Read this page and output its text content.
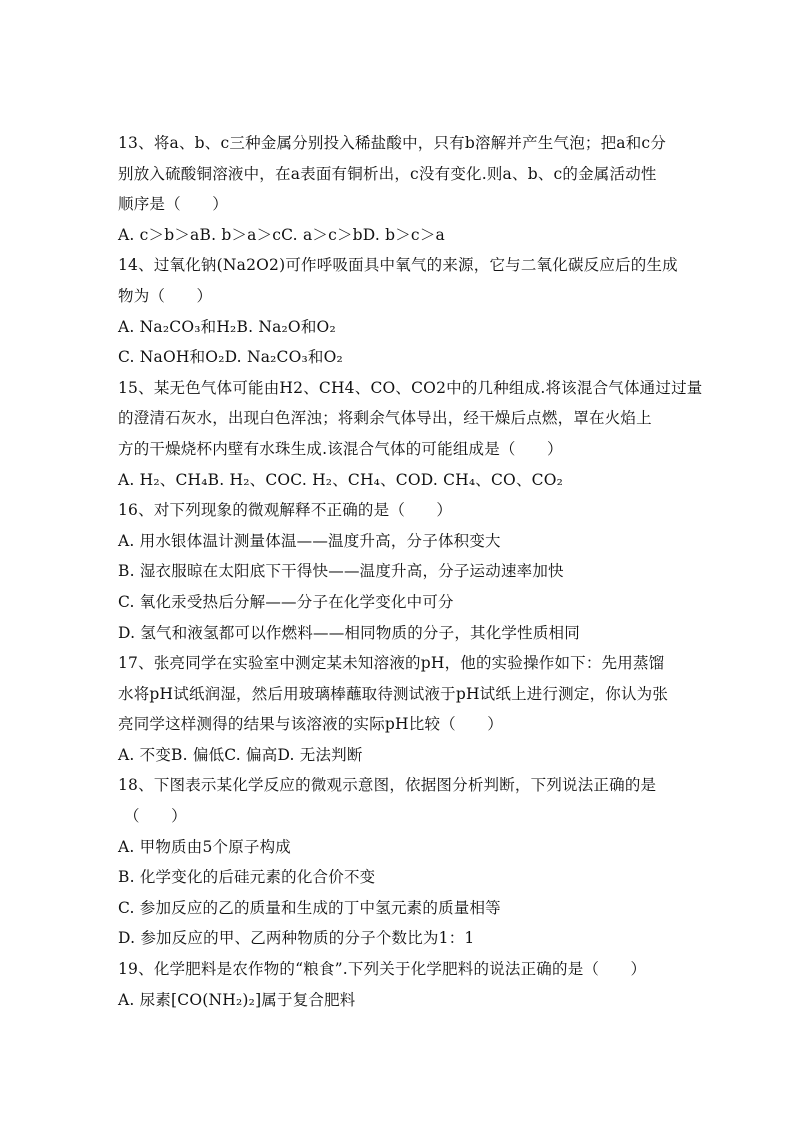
13、将a、b、c三种金属分别投入稀盐酸中，只有b溶解并产生气泡；把a和c分
别放入硫酸铜溶液中，在a表面有铜析出，c没有变化.则a、b、c的金属活动性
顺序是（　　）
A. c＞b＞aB. b＞a＞cC. a＞c＞bD. b＞c＞a
14、过氧化钠(Na2O2)可作呼吸面具中氧气的来源，它与二氧化碳反应后的生成
物为（　　）
A. Na₂CO₃和H₂B. Na₂O和O₂
C. NaOH和O₂D. Na₂CO₃和O₂
15、某无色气体可能由H2、CH4、CO、CO2中的几种组成.将该混合气体通过过量
的澄清石灰水，出现白色浑浊；将剩余气体导出，经干燥后点燃，罩在火焰上
方的干燥烧杯内壁有水珠生成.该混合气体的可能组成是（　　）
A. H₂、CH₄B. H₂、COC. H₂、CH₄、COD. CH₄、CO、CO₂
16、对下列现象的微观解释不正确的是（　　）
A. 用水银体温计测量体温——温度升高，分子体积变大
B. 湿衣服晾在太阳底下干得快——温度升高，分子运动速率加快
C. 氧化汞受热后分解——分子在化学变化中可分
D. 氢气和液氢都可以作燃料——相同物质的分子，其化学性质相同
17、张亮同学在实验室中测定某未知溶液的pH，他的实验操作如下：先用蒸馏
水将pH试纸润湿，然后用玻璃棒蘸取待测试液于pH试纸上进行测定，你认为张
亮同学这样测得的结果与该溶液的实际pH比较（　　）
A. 不变B. 偏低C. 偏高D. 无法判断
18、下图表示某化学反应的微观示意图，依据图分析判断，下列说法正确的是
（　　）
A. 甲物质由5个原子构成
B. 化学变化的后硅元素的化合价不变
C. 参加反应的乙的质量和生成的丁中氢元素的质量相等
D. 参加反应的甲、乙两种物质的分子个数比为1：1
19、化学肥料是农作物的“粮食”.下列关于化学肥料的说法正确的是（　　）
A. 尿素[CO(NH₂)₂]属于复合肥料
